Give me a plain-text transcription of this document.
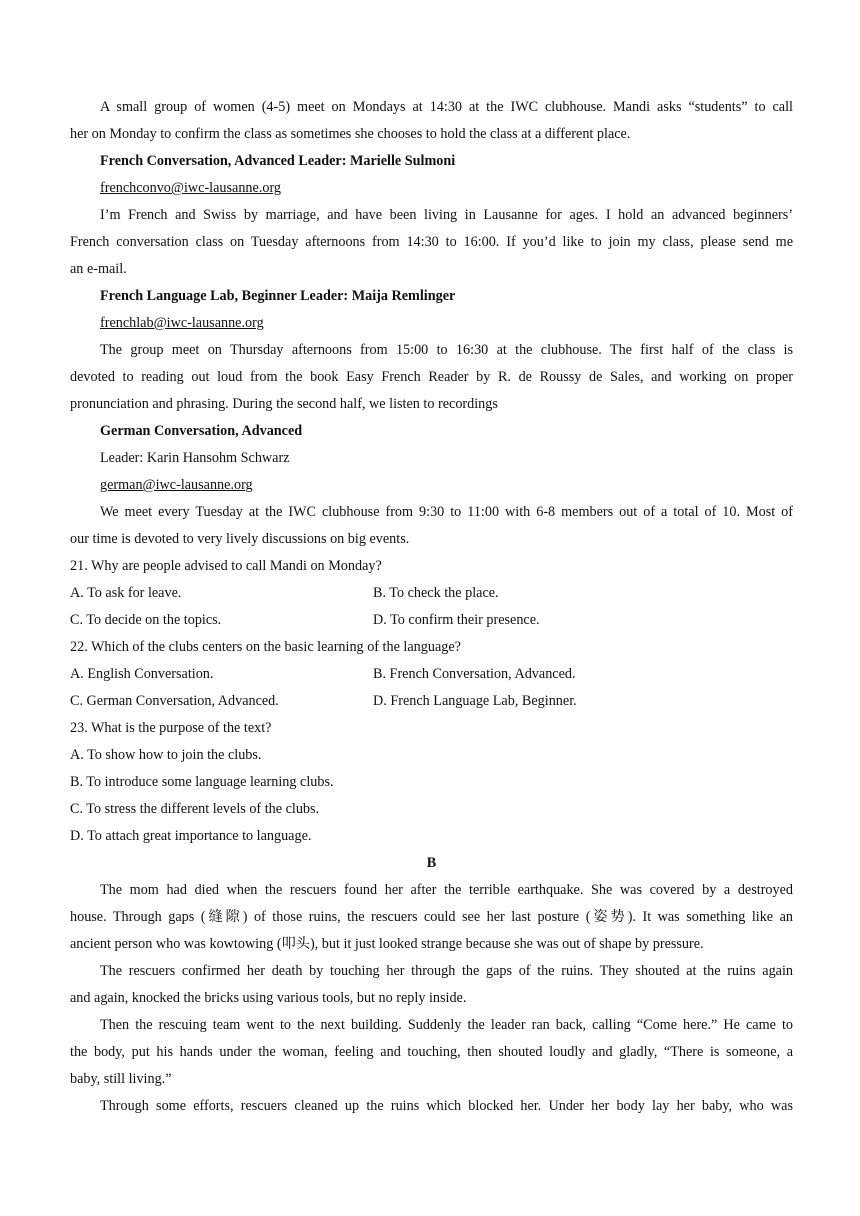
A small group of women (4-5) meet on Mondays at 14:30 at the IWC clubhouse. Mandi asks “students” to call
her on Monday to confirm the class as sometimes she chooses to hold the class at a different place.
French Conversation, Advanced Leader: Marielle Sulmoni
frenchconvo@iwc-lausanne.org
I’m French and Swiss by marriage, and have been living in Lausanne for ages. I hold an advanced beginners’
French conversation class on Tuesday afternoons from 14:30 to 16:00. If you’d like to join my class, please send me
an e-mail.
French Language Lab, Beginner Leader: Maija Remlinger
frenchlab@iwc-lausanne.org
The group meet on Thursday afternoons from 15:00 to 16:30 at the clubhouse. The first half of the class is
devoted to reading out loud from the book Easy French Reader by R. de Roussy de Sales, and working on proper
pronunciation and phrasing. During the second half, we listen to recordings
German Conversation, Advanced
Leader: Karin Hansohm Schwarz
german@iwc-lausanne.org
We meet every Tuesday at the IWC clubhouse from 9:30 to 11:00 with 6-8 members out of a total of 10. Most of
our time is devoted to very lively discussions on big events.
21. Why are people advised to call Mandi on Monday?
A. To ask for leave.	B. To check the place.
C. To decide on the topics.	D. To confirm their presence.
22. Which of the clubs centers on the basic learning of the language?
A. English Conversation.	B. French Conversation, Advanced.
C. German Conversation, Advanced.	D. French Language Lab, Beginner.
23. What is the purpose of the text?
A. To show how to join the clubs.
B. To introduce some language learning clubs.
C. To stress the different levels of the clubs.
D. To attach great importance to language.
B
The mom had died when the rescuers found her after the terrible earthquake. She was covered by a destroyed
house. Through gaps (缝隙) of those ruins, the rescuers could see her last posture (姿势). It was something like an
ancient person who was kowtowing (叩头), but it just looked strange because she was out of shape by pressure.
The rescuers confirmed her death by touching her through the gaps of the ruins. They shouted at the ruins again
and again, knocked the bricks using various tools, but no reply inside.
Then the rescuing team went to the next building. Suddenly the leader ran back, calling “Come here.” He came to
the body, put his hands under the woman, feeling and touching, then shouted loudly and gladly, “There is someone, a
baby, still living.”
Through some efforts, rescuers cleaned up the ruins which blocked her. Under her body lay her baby, who was
